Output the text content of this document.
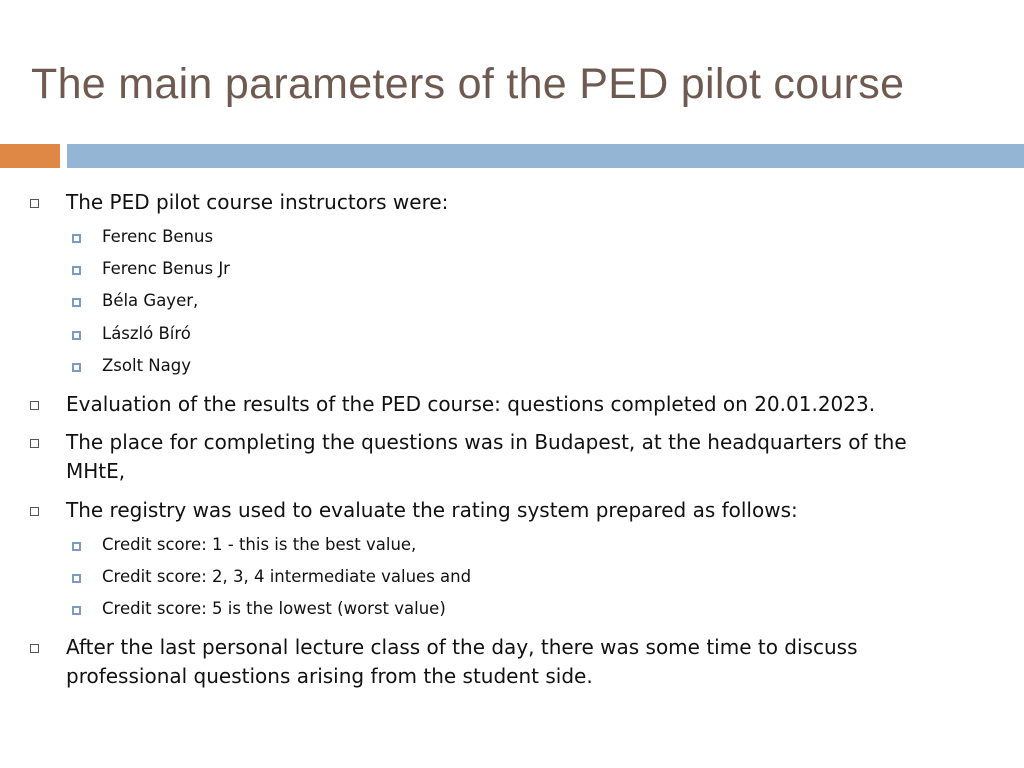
The main parameters of the PED pilot course
The PED pilot course instructors were:
Ferenc Benus
Ferenc Benus Jr
Béla Gayer,
László Bíró
Zsolt Nagy
Evaluation of the results of the PED course: questions completed on 20.01.2023.
The place for completing the questions was in Budapest, at the headquarters of the MHtE,
The registry was used to evaluate the rating system prepared as follows:
Credit score: 1 - this is the best value,
Credit score: 2, 3, 4 intermediate values and
Credit score: 5 is the lowest (worst value)
After the last personal lecture class of the day, there was some time to discuss professional questions arising from the student side.
